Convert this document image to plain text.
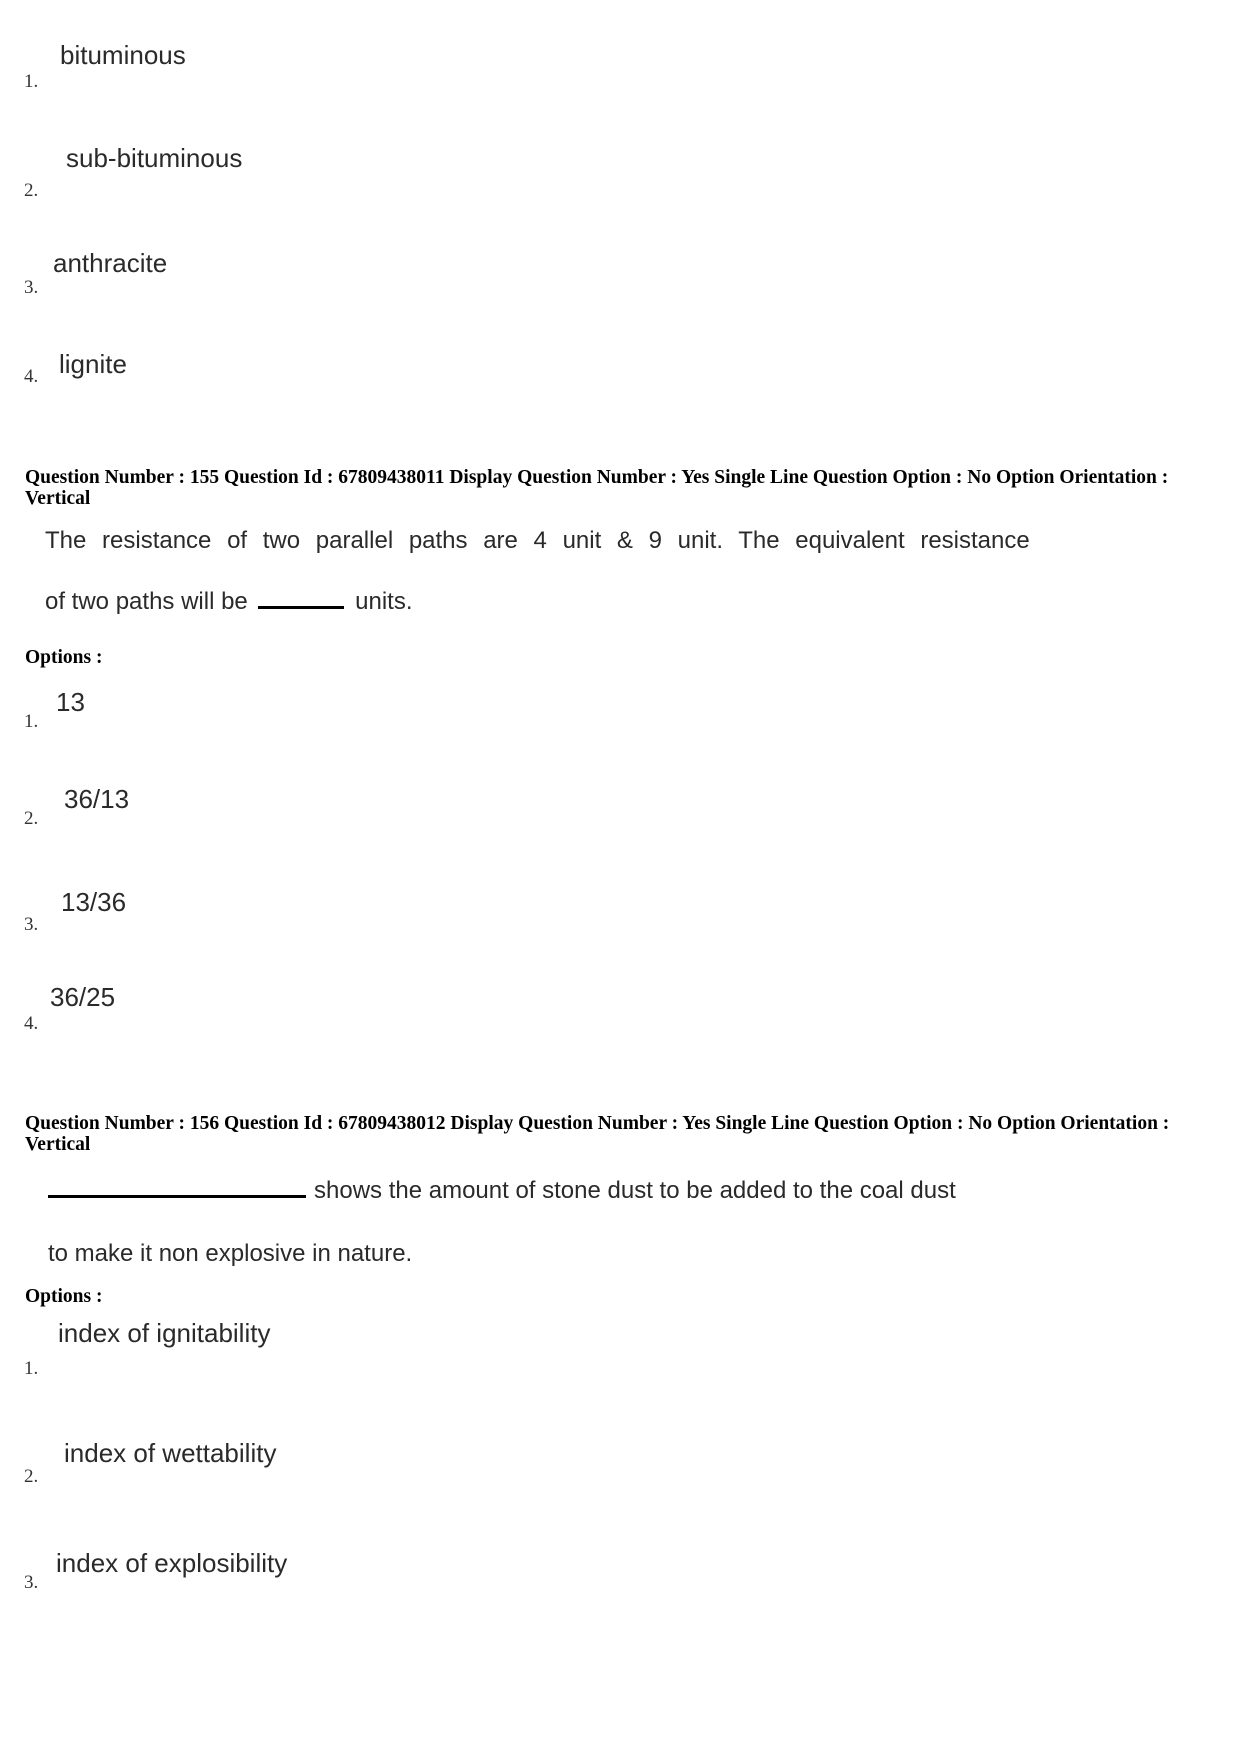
bituminous
1.
sub-bituminous
2.
anthracite
3.
lignite
4.
Question Number : 155 Question Id : 67809438011 Display Question Number : Yes Single Line Question Option : No Option Orientation : Vertical
The resistance of two parallel paths are 4 unit & 9 unit. The equivalent resistance
of two paths will be	units.
Options :
13
1.
36/13
2.
13/36
3.
36/25
4.
Question Number : 156 Question Id : 67809438012 Display Question Number : Yes Single Line Question Option : No Option Orientation : Vertical
shows the amount of stone dust to be added to the coal dust
to make it non explosive in nature.
Options :
index of ignitability
1.
index of wettability
2.
index of explosibility
3.
